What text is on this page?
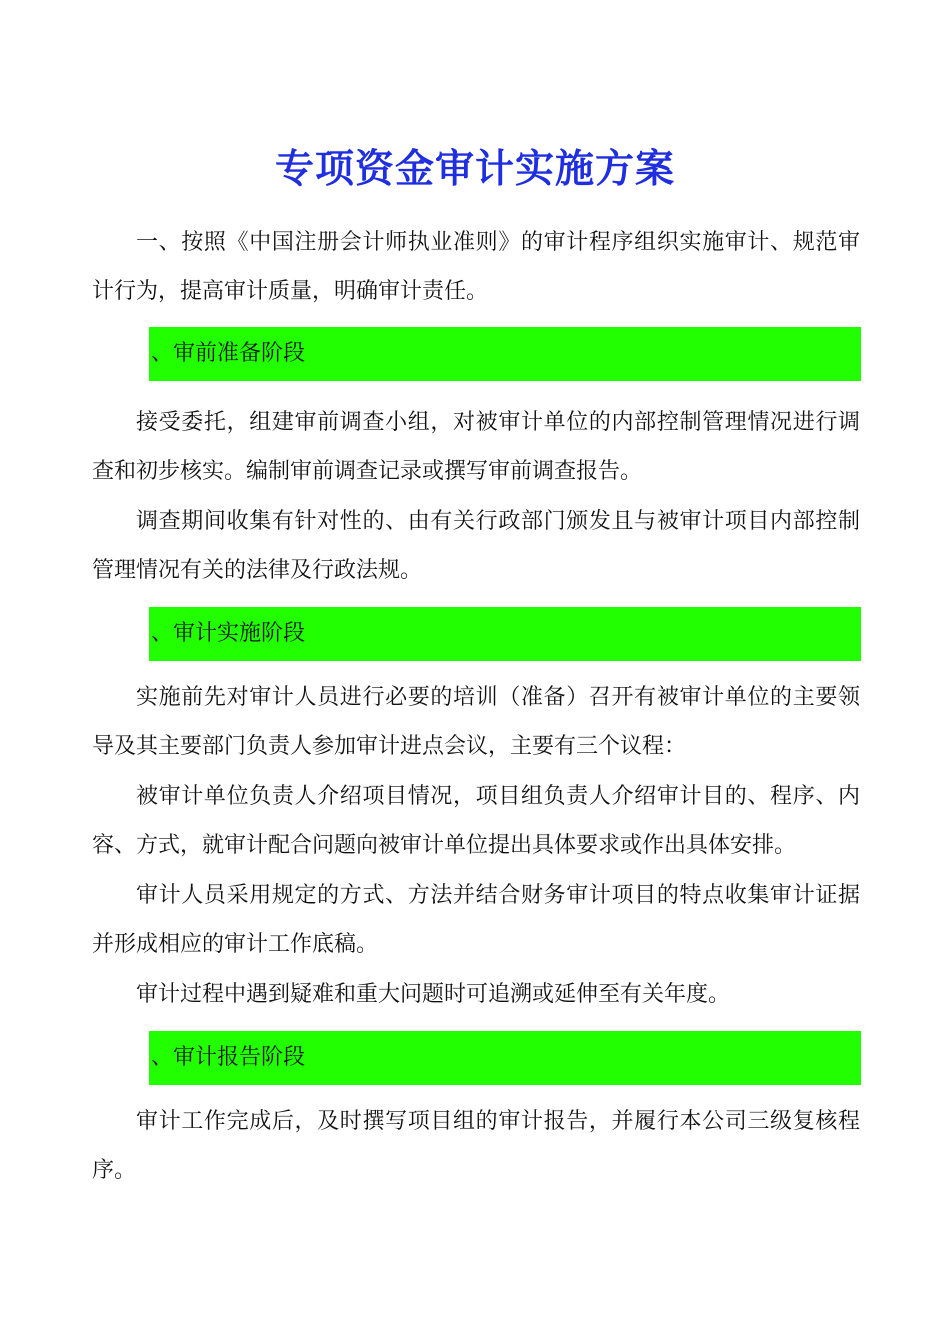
专项资金审计实施方案

一、按照《中国注册会计师执业准则》的审计程序组织实施审计、规范审计行为，提高审计质量，明确审计责任。

、审前准备阶段

接受委托，组建审前调查小组，对被审计单位的内部控制管理情况进行调查和初步核实。编制审前调查记录或撰写审前调查报告。

调查期间收集有针对性的、由有关行政部门颁发且与被审计项目内部控制管理情况有关的法律及行政法规。

、审计实施阶段

实施前先对审计人员进行必要的培训（准备）召开有被审计单位的主要领导及其主要部门负责人参加审计进点会议，主要有三个议程：

被审计单位负责人介绍项目情况，项目组负责人介绍审计目的、程序、内容、方式，就审计配合问题向被审计单位提出具体要求或作出具体安排。

审计人员采用规定的方式、方法并结合财务审计项目的特点收集审计证据并形成相应的审计工作底稿。

审计过程中遇到疑难和重大问题时可追溯或延伸至有关年度。

、审计报告阶段

审计工作完成后，及时撰写项目组的审计报告，并履行本公司三级复核程序。
